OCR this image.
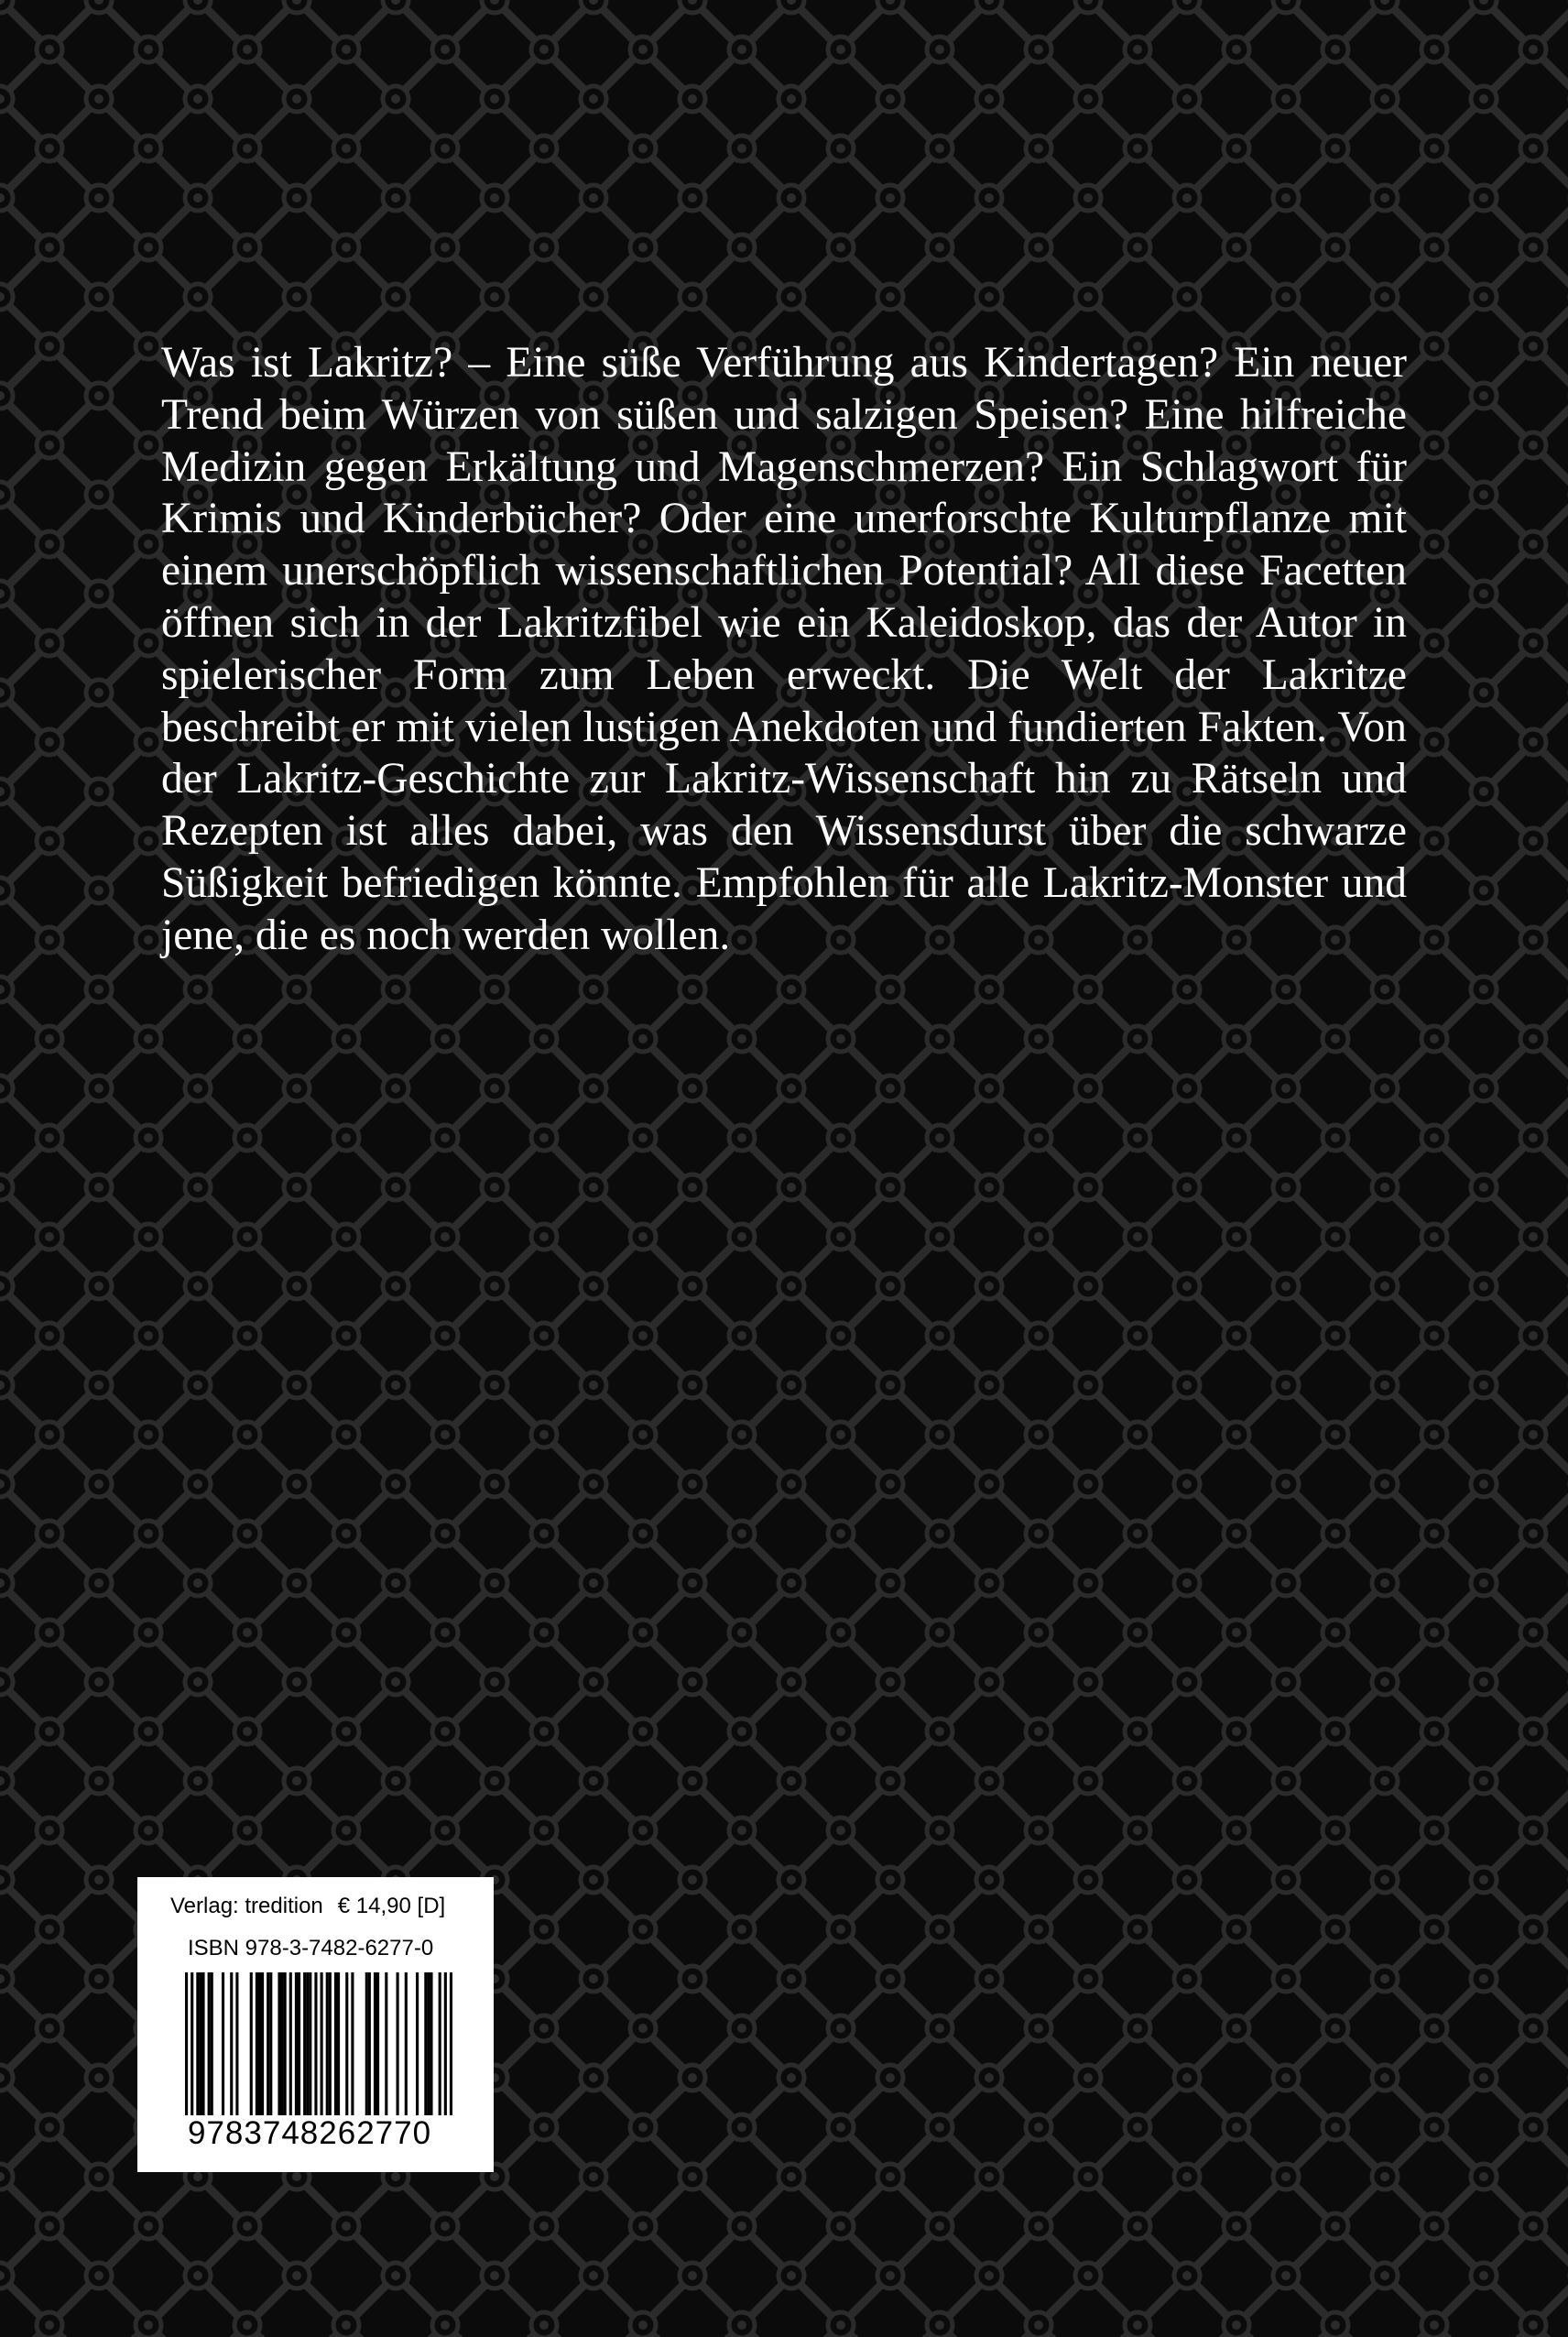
Was ist Lakritz? – Eine süße Verführung aus Kindertagen? Ein neuer Trend beim Würzen von süßen und salzigen Speisen? Eine hilfreiche Medizin gegen Erkältung und Magenschmerzen? Ein Schlagwort für Krimis und Kinderbücher? Oder eine unerforschte Kulturpflanze mit einem unerschöpflich wissenschaftlichen Potential? All diese Facetten öffnen sich in der Lakritzfibel wie ein Kaleidoskop, das der Autor in spielerischer Form zum Leben erweckt. Die Welt der Lakritze beschreibt er mit vielen lustigen Anekdoten und fundierten Fakten. Von der Lakritz-Geschichte zur Lakritz-Wissenschaft hin zu Rätseln und Rezepten ist alles dabei, was den Wissensdurst über die schwarze Süßigkeit befriedigen könnte. Empfohlen für alle Lakritz-Monster und jene, die es noch werden wollen.

Verlag: tredition € 14,90 [D]
ISBN 978-3-7482-6277-0
9783748262770
